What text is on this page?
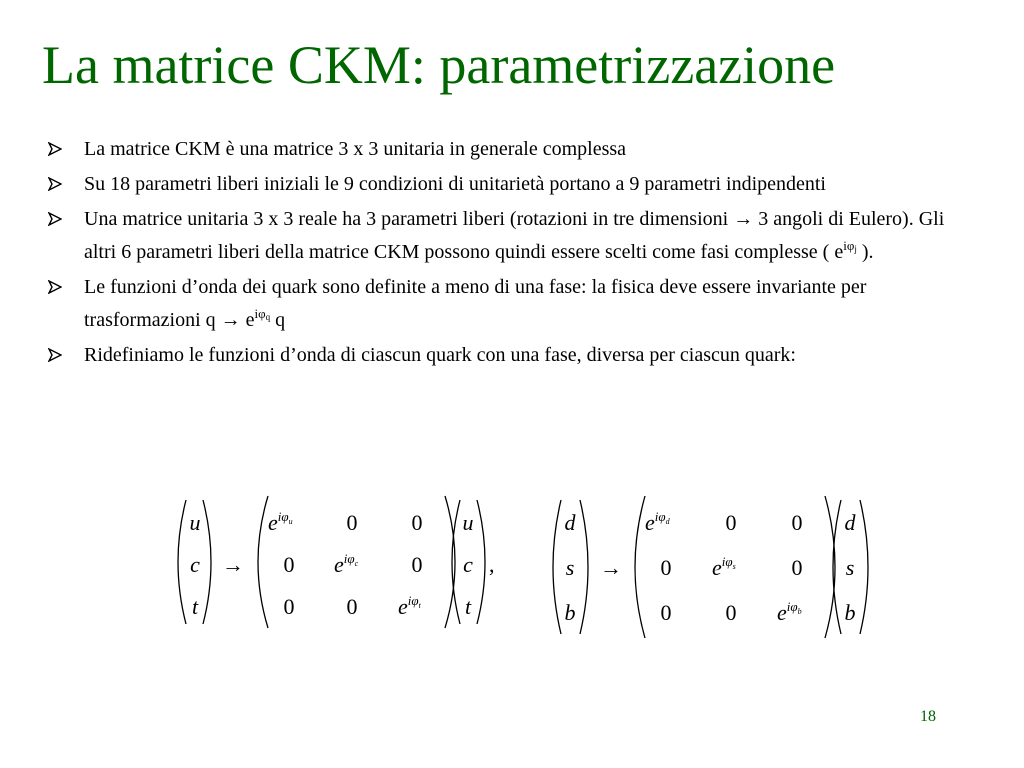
La matrice CKM: parametrizzazione
La matrice CKM è una matrice 3 x 3 unitaria in generale complessa
Su 18 parametri liberi iniziali le 9 condizioni di unitarietà portano a 9 parametri indipendenti
Una matrice unitaria 3 x 3 reale ha 3 parametri liberi (rotazioni in tre dimensioni → 3 angoli di Eulero). Gli altri 6 parametri liberi della matrice CKM possono quindi essere scelti come fasi complesse ( $e^{i\varphi_j}$ ).
Le funzioni d’onda dei quark sono definite a meno di una fase: la fisica deve essere invariante per trasformazioni $q \to e^{i\varphi_q}$ q
Ridefiniamo le funzioni d’onda di ciascun quark con una fase, diversa per ciascun quark:
u
c
t
→
$e^i\varphi u$ 0 0
0 $e^i\varphi c$ 0
0 0 $e^i\varphi t$
u
c
t
,
d
s
b
→
$e^i\varphi d$	0	0
0 $e^i\varphi s$	0
0 0 $e^i\varphi b$
d
s
b
18
